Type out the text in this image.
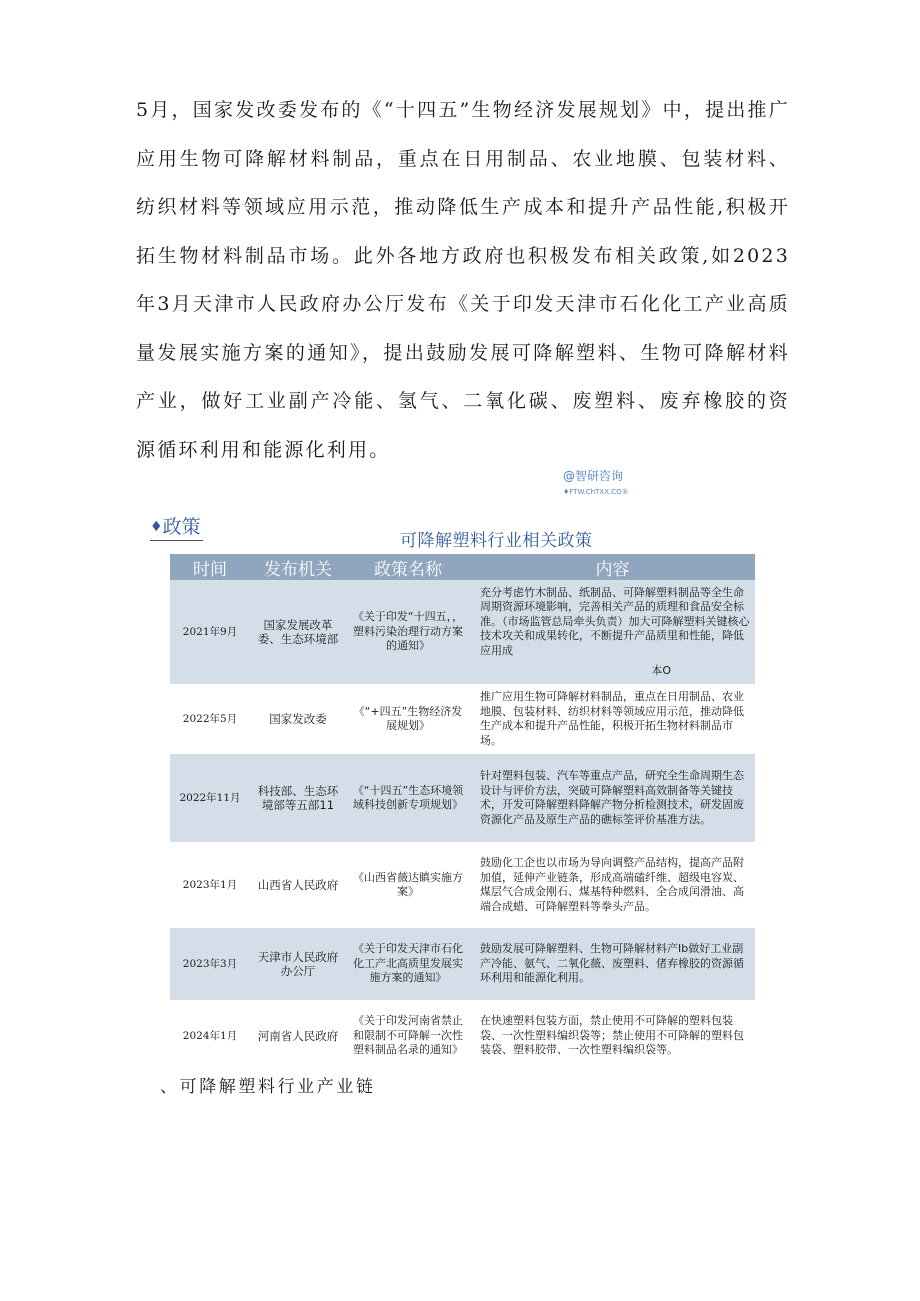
5月，国家发改委发布的《“十四五”生物经济发展规划》中，提出推广应用生物可降解材料制品，重点在日用制品、农业地膜、包装材料、纺织材料等领域应用示范，推动降低生产成本和提升产品性能,积极开拓生物材料制品市场。此外各地方政府也积极发布相关政策,如2023年3月天津市人民政府办公厅发布《关于印发天津市石化化工产业高质量发展实施方案的通知》，提出鼓励发展可降解塑料、生物可降解材料产业，做好工业副产冷能、氢气、二氧化碳、废塑料、废弃橡胶的资源循环利用和能源化利用。

@智研咨询
♦FTW.ChTXX.CO®
♦政策
可降解塑料行业相关政策
时间	发布机关	政策名称	内容
2021年9月	国家发展改革委、生态环境部	《关于印发“十四五，，塑料污染治理行动方案的通知》	充分考虑竹木制品、纸制品、可降解塑料制品等全生命周期资源环境影响，完善相关产品的质理和食品安全标准。（市场监管总局牵头负责）加大可降解塑料关键核心技术攻关和成果转化，不断提升产品质里和性能，降低应用成
本O

2022年5月	国家发改委	《“+四五”生物经济发展规划》	推广应用生物可降解材料制品，重点在日用制品、农业地膜、包装材料、纺织材料等领域应用示范，推动降低生产成本和提升产品性能，积极开拓生物材料制品市场。
2022年11月	科技部、生态环境部等五部11	《“十四五”生态环境领域科技创新专项规划》	针对塑料包装、汽车等重点产品，研究全生命周期生态设计与评价方法，突破可降解塑料高效制备等关键技术，开发可降解塑料降解产物分析检测技术，研发固废资源化产品及原生产品的礁标筌评价基准方法。
2023年1月	山西省人民政府	《山西省薇达瞋实施方案》	鼓励化工企也以市场为导向调整产品结构，提高产品附加值，延伸产业链条，形成高端磕纤维、超级电容炭、煤层气合成金刚石、煤基特种燃料、全合成闰滑油、高端合成蜡、可降解塑料等拳头产品。
2023年3月	天津市人民政府办公厅	《关于印发天津市石化化工产北高质里发展实施方案的通知》	鼓励发展可降解塑料、生物可降解材料产Ib做好工业副产冷能、氨气、二氧化薇、废塑料、偖弃橡胶的资源循环利用和能源化利用。
2024年1月	河南省人民政府	《关于印发河南省禁止和限制不可降解一次性塑料制品名录的通知》	在快速塑料包装方面，禁止使用不可降解的塑料包装袋、一次性塑料编织袋等；禁止使用不可降解的塑料包装袋、塑料胶带、一次性塑料编织袋等。
、可降解塑料行业产业链
